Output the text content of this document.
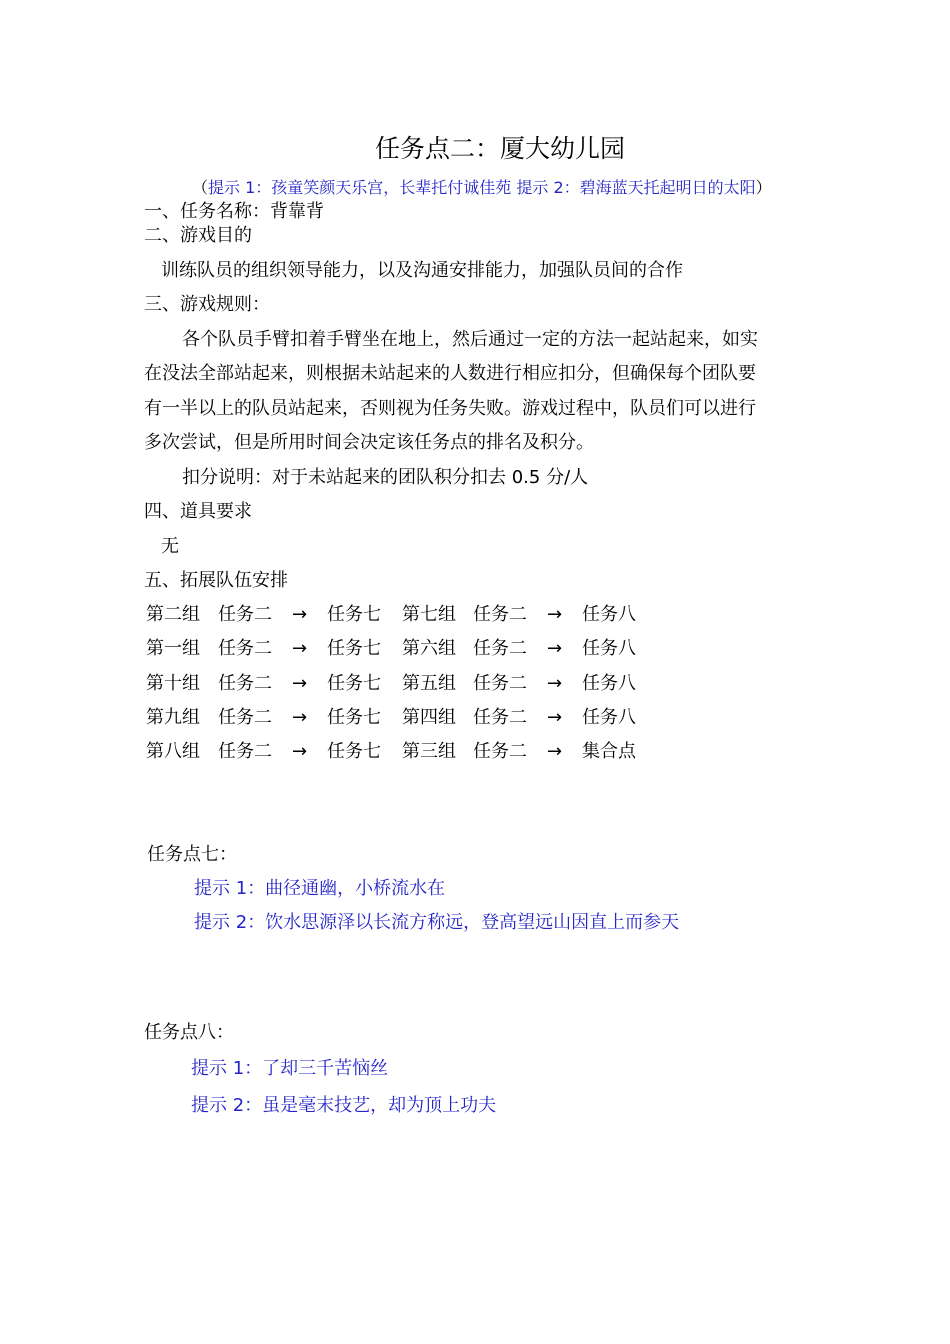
任务点二：厦大幼儿园
（提示 1：孩童笑颜天乐宫，长辈托付诚佳苑 提示 2：碧海蓝天托起明日的太阳）
一、任务名称：背靠背
二、游戏目的
训练队员的组织领导能力，以及沟通安排能力，加强队员间的合作
三、游戏规则：
各个队员手臂扣着手臂坐在地上，然后通过一定的方法一起站起来，如实
在没法全部站起来，则根据未站起来的人数进行相应扣分，但确保每个团队要
有一半以上的队员站起来，否则视为任务失败。游戏过程中，队员们可以进行
多次尝试，但是所用时间会决定该任务点的排名及积分。
扣分说明：对于未站起来的团队积分扣去 0.5 分/人
四、道具要求
无
五、拓展队伍安排
第二组 任务二 → 任务七 第七组 任务二 → 任务八
第一组 任务二 → 任务七 第六组 任务二 → 任务八
第十组 任务二 → 任务七 第五组 任务二 → 任务八
第九组 任务二 → 任务七 第四组 任务二 → 任务八
第八组 任务二 → 任务七 第三组 任务二 → 集合点
任务点七：
提示 1：曲径通幽，小桥流水在
提示 2：饮水思源泽以长流方称远，登高望远山因直上而参天
任务点八：
提示 1：了却三千苦恼丝
提示 2：虽是毫末技艺，却为顶上功夫
